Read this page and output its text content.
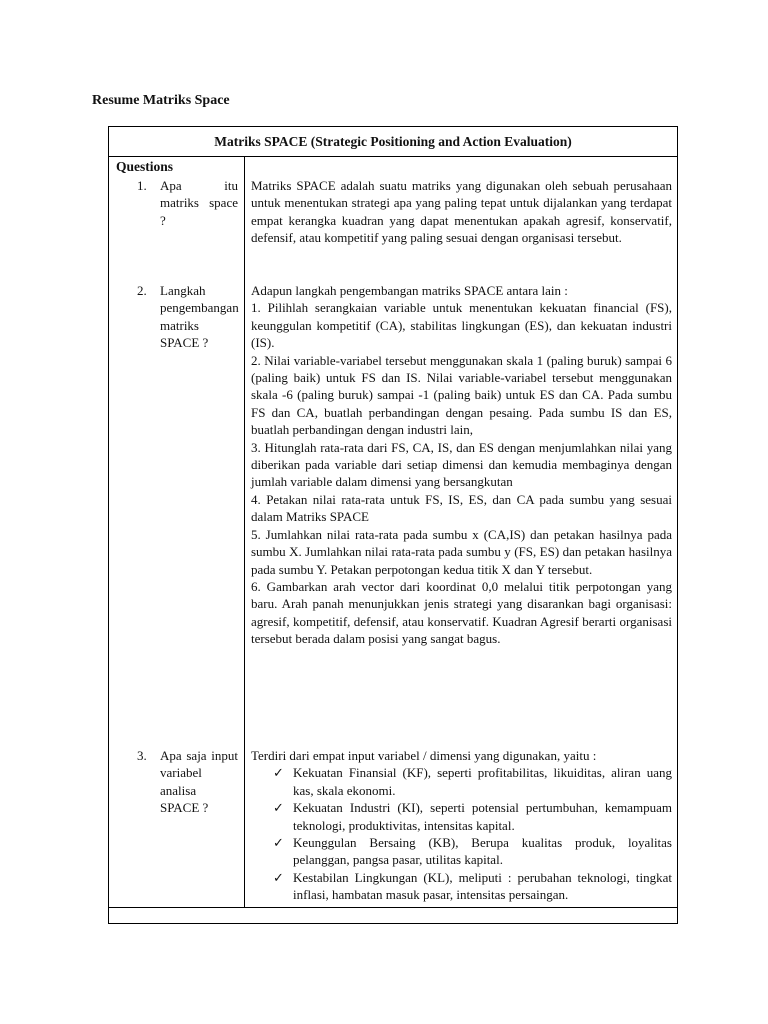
Resume Matriks Space
Matriks SPACE (Strategic Positioning and Action Evaluation)
Questions
1. Apa itu matriks space ?

Matriks SPACE adalah suatu matriks yang digunakan oleh sebuah perusahaan untuk menentukan strategi apa yang paling tepat untuk dijalankan yang terdapat empat kerangka kuadran yang dapat menentukan apakah agresif, konservatif, defensif, atau kompetitif yang paling sesuai dengan organisasi tersebut.

2. Langkah pengembangan matriks SPACE ?

Adapun langkah pengembangan matriks SPACE antara lain :

1. Pilihlah serangkaian variable untuk menentukan kekuatan financial (FS), keunggulan kompetitif (CA), stabilitas lingkungan (ES), dan kekuatan industri (IS).

2. Nilai variable-variabel tersebut menggunakan skala 1 (paling buruk) sampai 6 (paling baik) untuk FS dan IS. Nilai variable-variabel tersebut menggunakan skala -6 (paling buruk) sampai -1 (paling baik) untuk ES dan CA. Pada sumbu FS dan CA, buatlah perbandingan dengan pesaing. Pada sumbu IS dan ES, buatlah perbandingan dengan industri lain,

3. Hitunglah rata-rata dari FS, CA, IS, dan ES dengan menjumlahkan nilai yang diberikan pada variable dari setiap dimensi dan kemudia membaginya dengan jumlah variable dalam dimensi yang bersangkutan

4. Petakan nilai rata-rata untuk FS, IS, ES, dan CA pada sumbu yang sesuai dalam Matriks SPACE

5. Jumlahkan nilai rata-rata pada sumbu x (CA,IS) dan petakan hasilnya pada sumbu X. Jumlahkan nilai rata-rata pada sumbu y (FS, ES) dan petakan hasilnya pada sumbu Y. Petakan perpotongan kedua titik X dan Y tersebut.

6. Gambarkan arah vector dari koordinat 0,0 melalui titik perpotongan yang baru. Arah panah menunjukkan jenis strategi yang disarankan bagi organisasi: agresif, kompetitif, defensif, atau konservatif. Kuadran Agresif berarti organisasi tersebut berada dalam posisi yang sangat bagus.

3. Apa saja input variabel analisa SPACE ?
Terdiri dari empat input variabel / dimensi yang digunakan, yaitu :
✓ Kekuatan Finansial (KF), seperti profitabilitas, likuiditas, aliran uang kas, skala ekonomi.
✓ Kekuatan Industri (KI), seperti potensial pertumbuhan, kemampuam teknologi, produktivitas, intensitas kapital.
✓ Keunggulan Bersaing (KB), Berupa kualitas produk, loyalitas pelanggan, pangsa pasar, utilitas kapital.
✓ Kestabilan Lingkungan (KL), meliputi : perubahan teknologi, tingkat inflasi, hambatan masuk pasar, intensitas persaingan.
